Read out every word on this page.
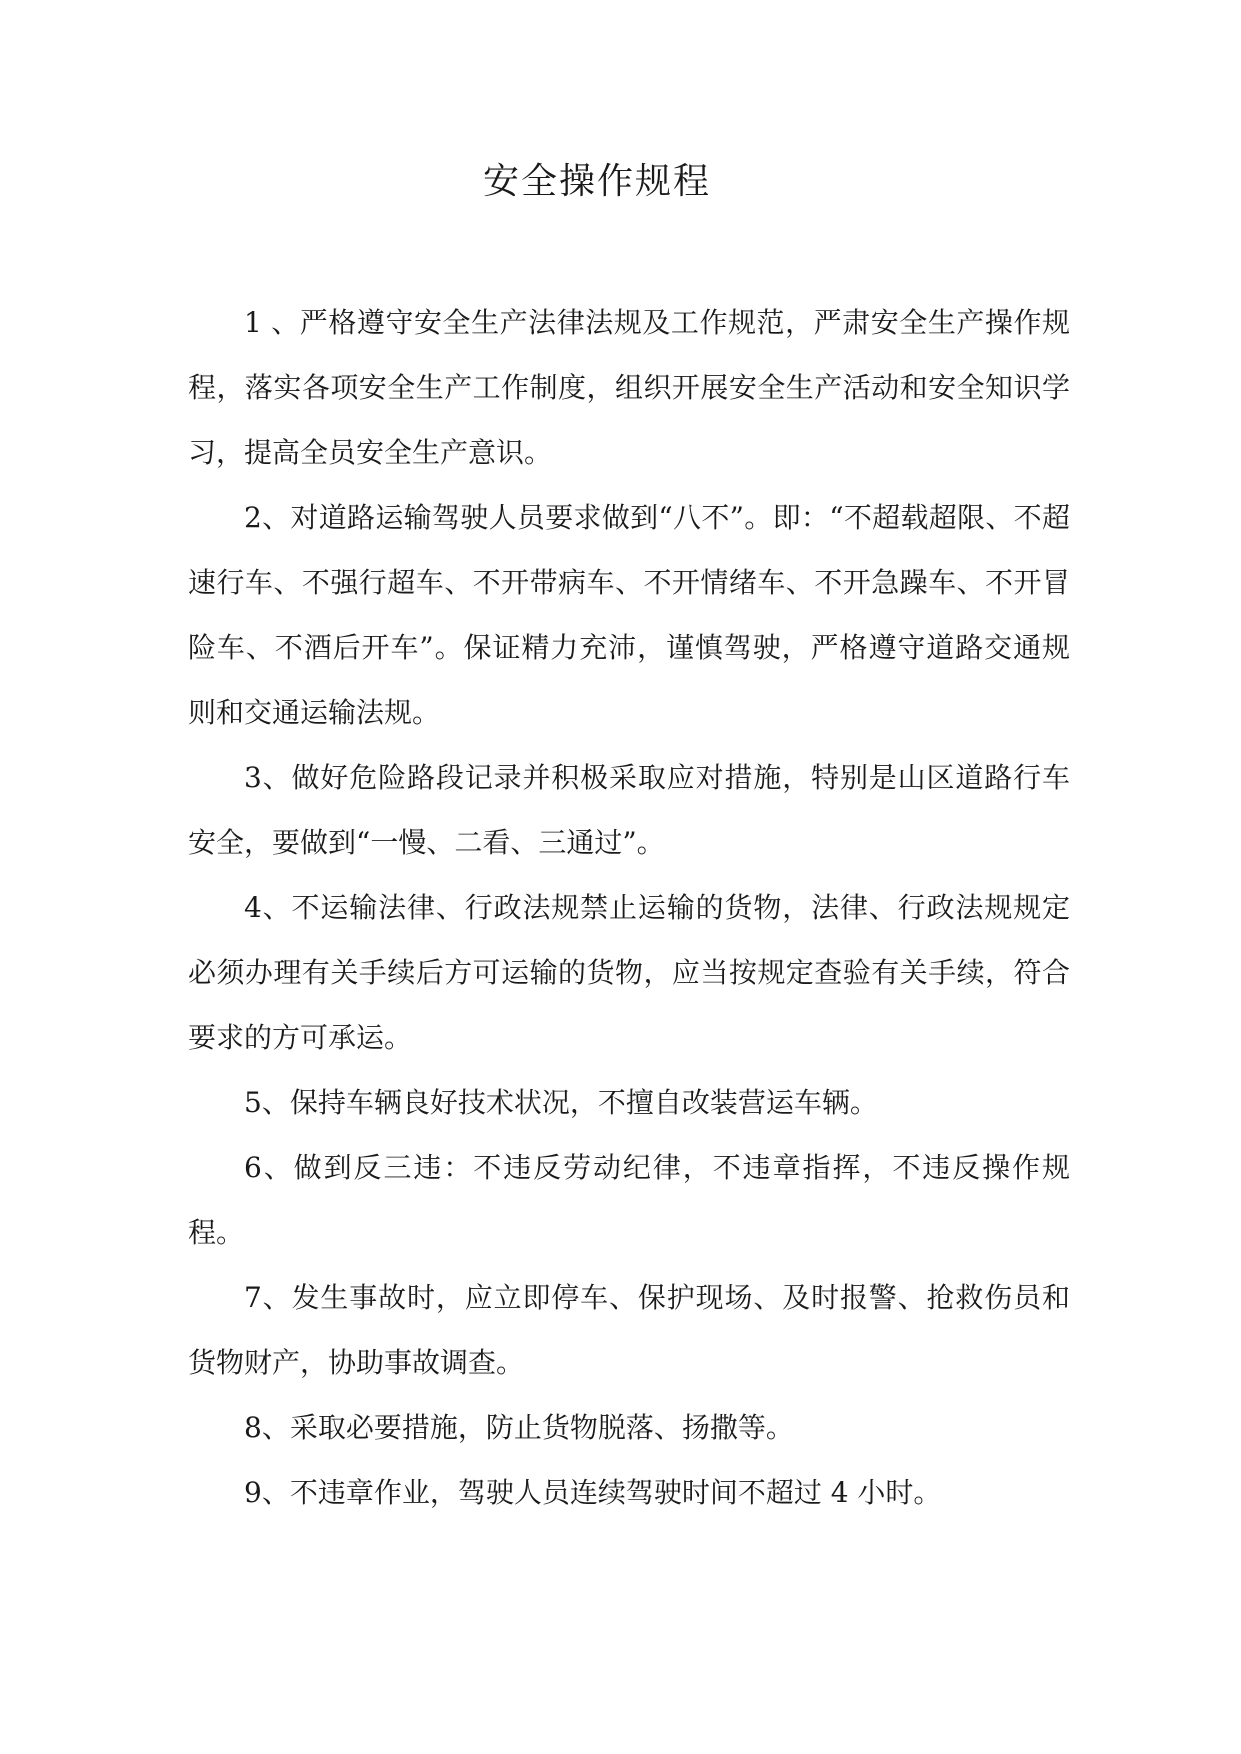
安全操作规程

1 、严格遵守安全生产法律法规及工作规范，严肃安全生产操作规程，落实各项安全生产工作制度，组织开展安全生产活动和安全知识学习，提高全员安全生产意识。

2、对道路运输驾驶人员要求做到“八不”。即：“不超载超限、不超速行车、不强行超车、不开带病车、不开情绪车、不开急躁车、不开冒险车、不酒后开车”。保证精力充沛，谨慎驾驶，严格遵守道路交通规则和交通运输法规。

3、做好危险路段记录并积极采取应对措施，特别是山区道路行车安全，要做到“一慢、二看、三通过”。

4、不运输法律、行政法规禁止运输的货物，法律、行政法规规定必须办理有关手续后方可运输的货物，应当按规定查验有关手续，符合要求的方可承运。

5、保持车辆良好技术状况，不擅自改装营运车辆。

6、做到反三违：不违反劳动纪律，不违章指挥，不违反操作规程。

7、发生事故时，应立即停车、保护现场、及时报警、抢救伤员和货物财产，协助事故调查。

8、采取必要措施，防止货物脱落、扬撒等。

9、不违章作业，驾驶人员连续驾驶时间不超过 4 小时。
